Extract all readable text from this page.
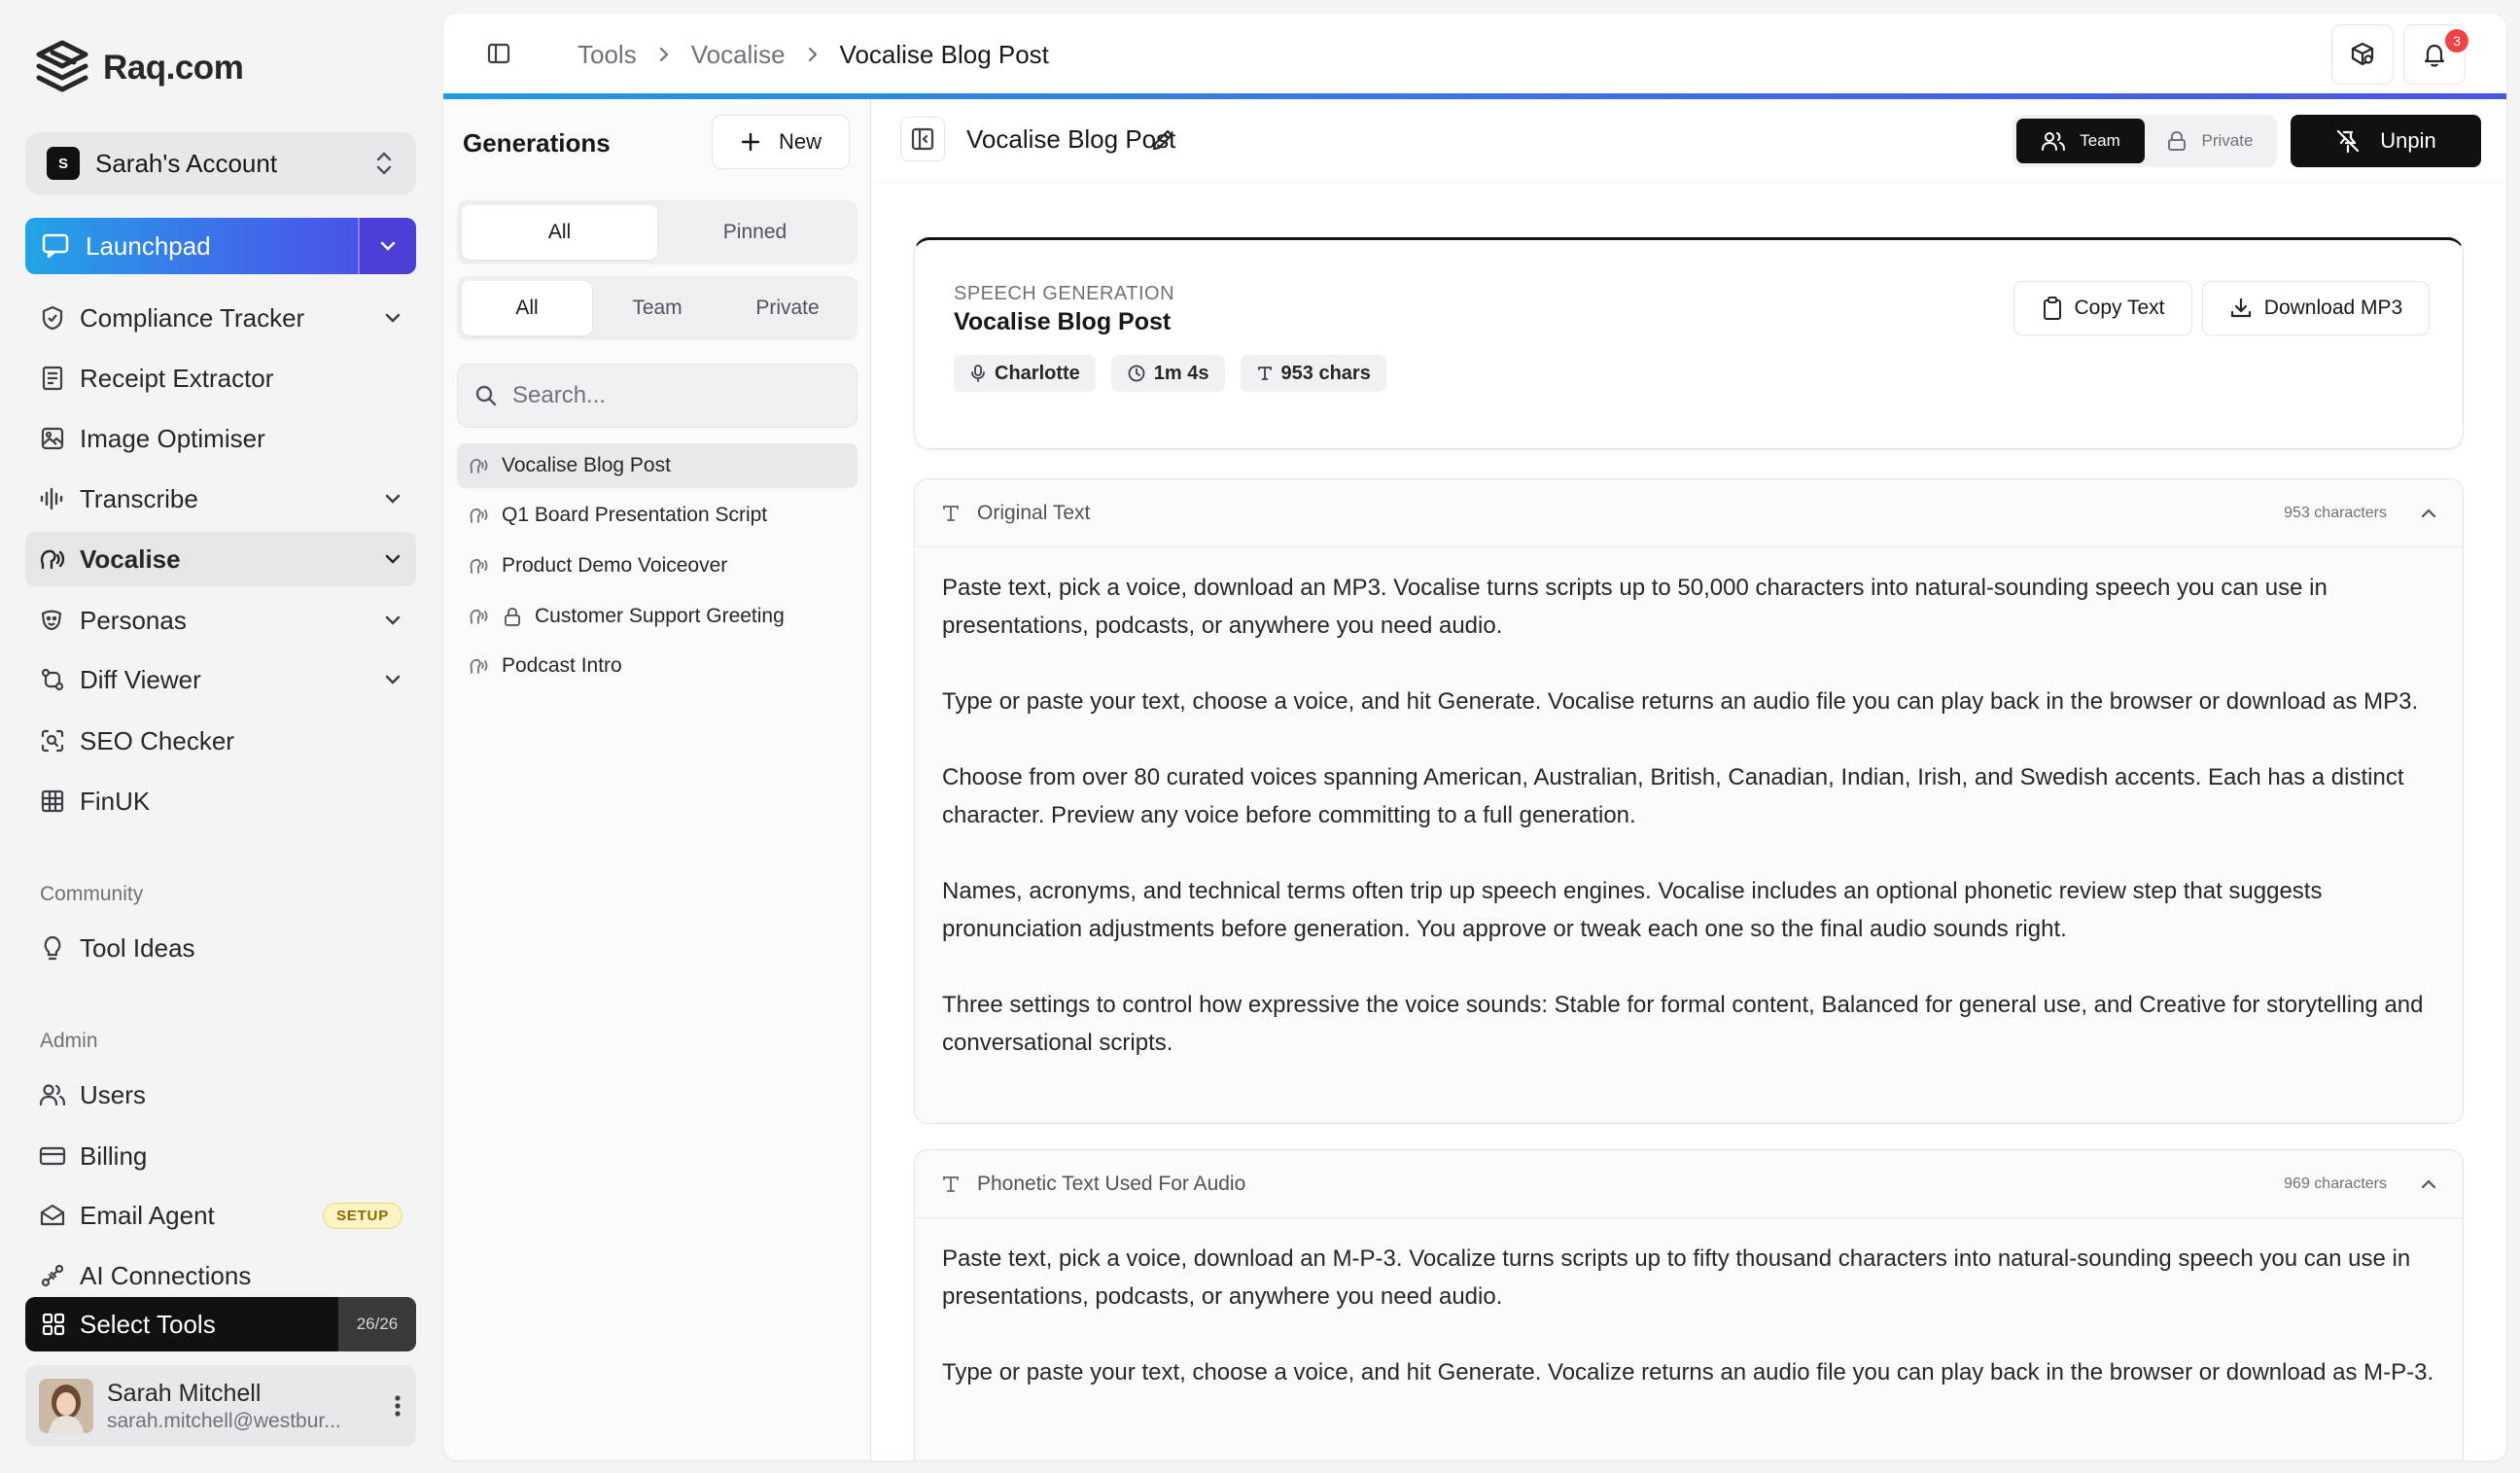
Raq.com
S	Sarah's Account
Launchpad
Compliance Tracker
Receipt Extractor
Image Optimiser
Transcribe
Vocalise
Personas
Diff Viewer
SEO Checker
FinUK
Community
Tool Ideas
Admin
Users
Billing
Email Agent	SETUP
AI Connections
Select Tools	26/26
Sarah Mitchell
sarah.mitchell@westbur...
Tools Vocalise Vocalise Blog Post	3
Generations	New
All	Pinned
All	Team	Private
Search...
Vocalise Blog Post
Q1 Board Presentation Script
Product Demo Voiceover
Customer Support Greeting
Podcast Intro
Vocalise Blog Post	Team	Private	Unpin
SPEECH GENERATION
Vocalise Blog Post
Charlotte	1m 4s	953 chars
Copy Text	Download MP3
Original Text	953 characters

Paste text, pick a voice, download an MP3. Vocalise turns scripts up to 50,000 characters into natural-sounding speech you can use in presentations, podcasts, or anywhere you need audio.

Type or paste your text, choose a voice, and hit Generate. Vocalise returns an audio file you can play back in the browser or download as MP3.

Choose from over 80 curated voices spanning American, Australian, British, Canadian, Indian, Irish, and Swedish accents. Each has a distinct character. Preview any voice before committing to a full generation.

Names, acronyms, and technical terms often trip up speech engines. Vocalise includes an optional phonetic review step that suggests pronunciation adjustments before generation. You approve or tweak each one so the final audio sounds right.

Three settings to control how expressive the voice sounds: Stable for formal content, Balanced for general use, and Creative for storytelling and conversational scripts.

Phonetic Text Used For Audio	969 characters

Paste text, pick a voice, download an M-P-3. Vocalize turns scripts up to fifty thousand characters into natural-sounding speech you can use in presentations, podcasts, or anywhere you need audio.

Type or paste your text, choose a voice, and hit Generate. Vocalize returns an audio file you can play back in the browser or download as M-P-3.
